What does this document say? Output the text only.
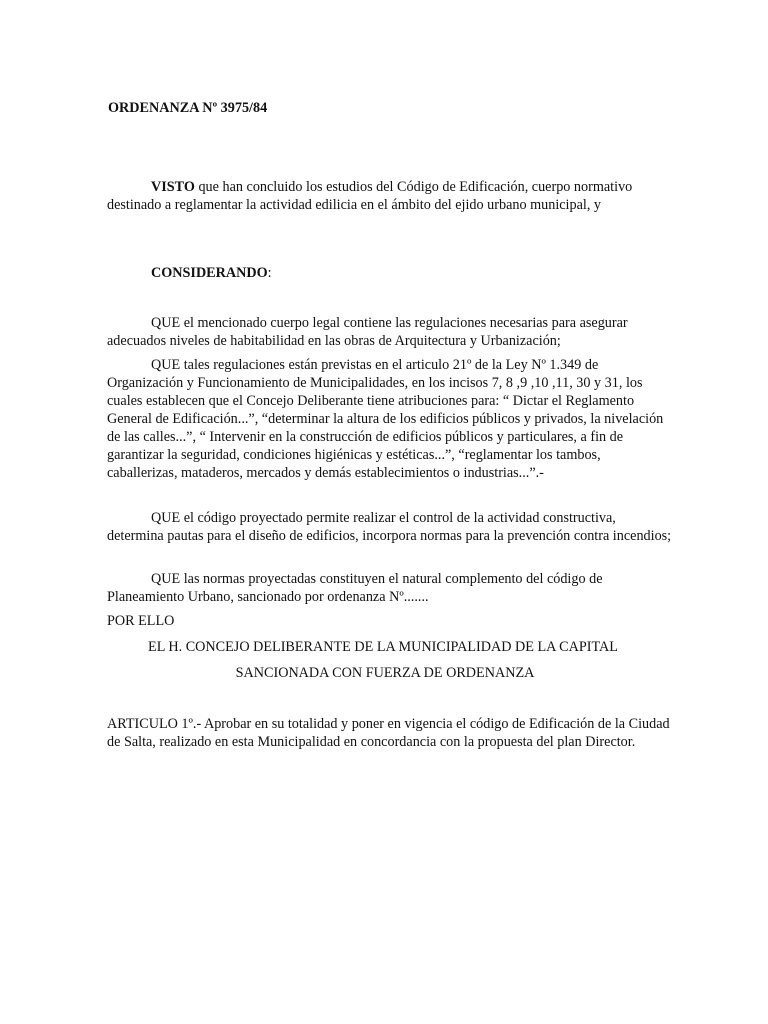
ORDENANZA Nº 3975/84

VISTO que han concluido los estudios del Código de Edificación, cuerpo normativo destinado a reglamentar la actividad edilicia en el ámbito del ejido urbano municipal, y

CONSIDERANDO:

QUE el mencionado cuerpo legal contiene las regulaciones necesarias para asegurar adecuados niveles de habitabilidad en las obras de Arquitectura y Urbanización;

QUE tales regulaciones están previstas en el articulo 21º de la Ley Nº 1.349 de Organización y Funcionamiento de Municipalidades, en los incisos 7, 8 ,9 ,10 ,11, 30 y 31, los cuales establecen que el Concejo Deliberante tiene atribuciones para: “ Dictar el Reglamento General de Edificación...”, “determinar la altura de los edificios públicos y privados, la nivelación de las calles...”, “ Intervenir en la construcción de edificios públicos y particulares, a fin de garantizar la seguridad, condiciones higiénicas y estéticas...”, “reglamentar los tambos, caballerizas, mataderos, mercados y demás establecimientos o industrias...”.-

QUE el código proyectado permite realizar el control de la actividad constructiva, determina pautas para el diseño de edificios, incorpora normas para la prevención contra incendios;

QUE las normas proyectadas constituyen el natural complemento del código de Planeamiento Urbano, sancionado por ordenanza Nº.......

POR ELLO

EL H. CONCEJO DELIBERANTE DE LA MUNICIPALIDAD DE LA CAPITAL

SANCIONADA CON FUERZA DE ORDENANZA

ARTICULO 1º.- Aprobar en su totalidad y poner en vigencia el código de Edificación de la Ciudad de Salta, realizado en esta Municipalidad en concordancia con la propuesta del plan Director.
